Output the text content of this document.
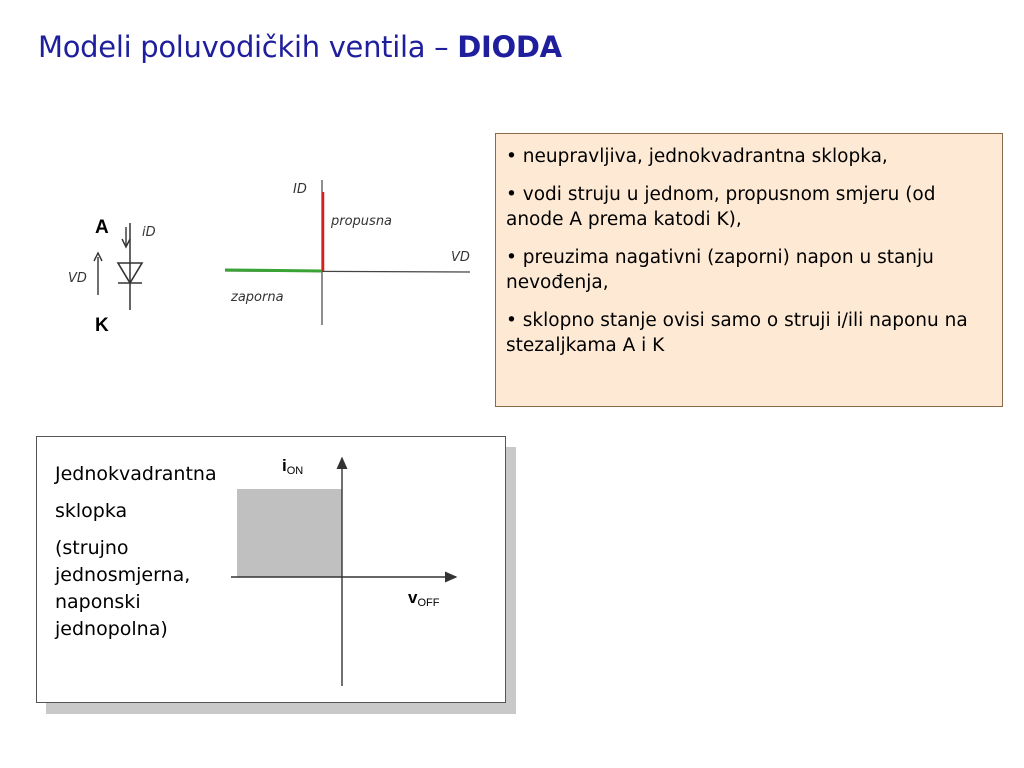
Modeli poluvodičkih ventila – DIODA
A
K
iD
VD
ID
VD
propusna
zaporna

• neupravljiva, jednokvadrantna sklopka,

• vodi struju u jednom, propusnom smjeru (od anode A prema katodi K),

• preuzima nagativni (zaporni) napon u stanju nevođenja,

• sklopno stanje ovisi samo o struji i/ili naponu na stezaljkama A i K

$i_{ON}$
$v_{OFF}$

Jednokvadrantna

sklopka

(strujno jednosmjerna, naponski jednopolna)
